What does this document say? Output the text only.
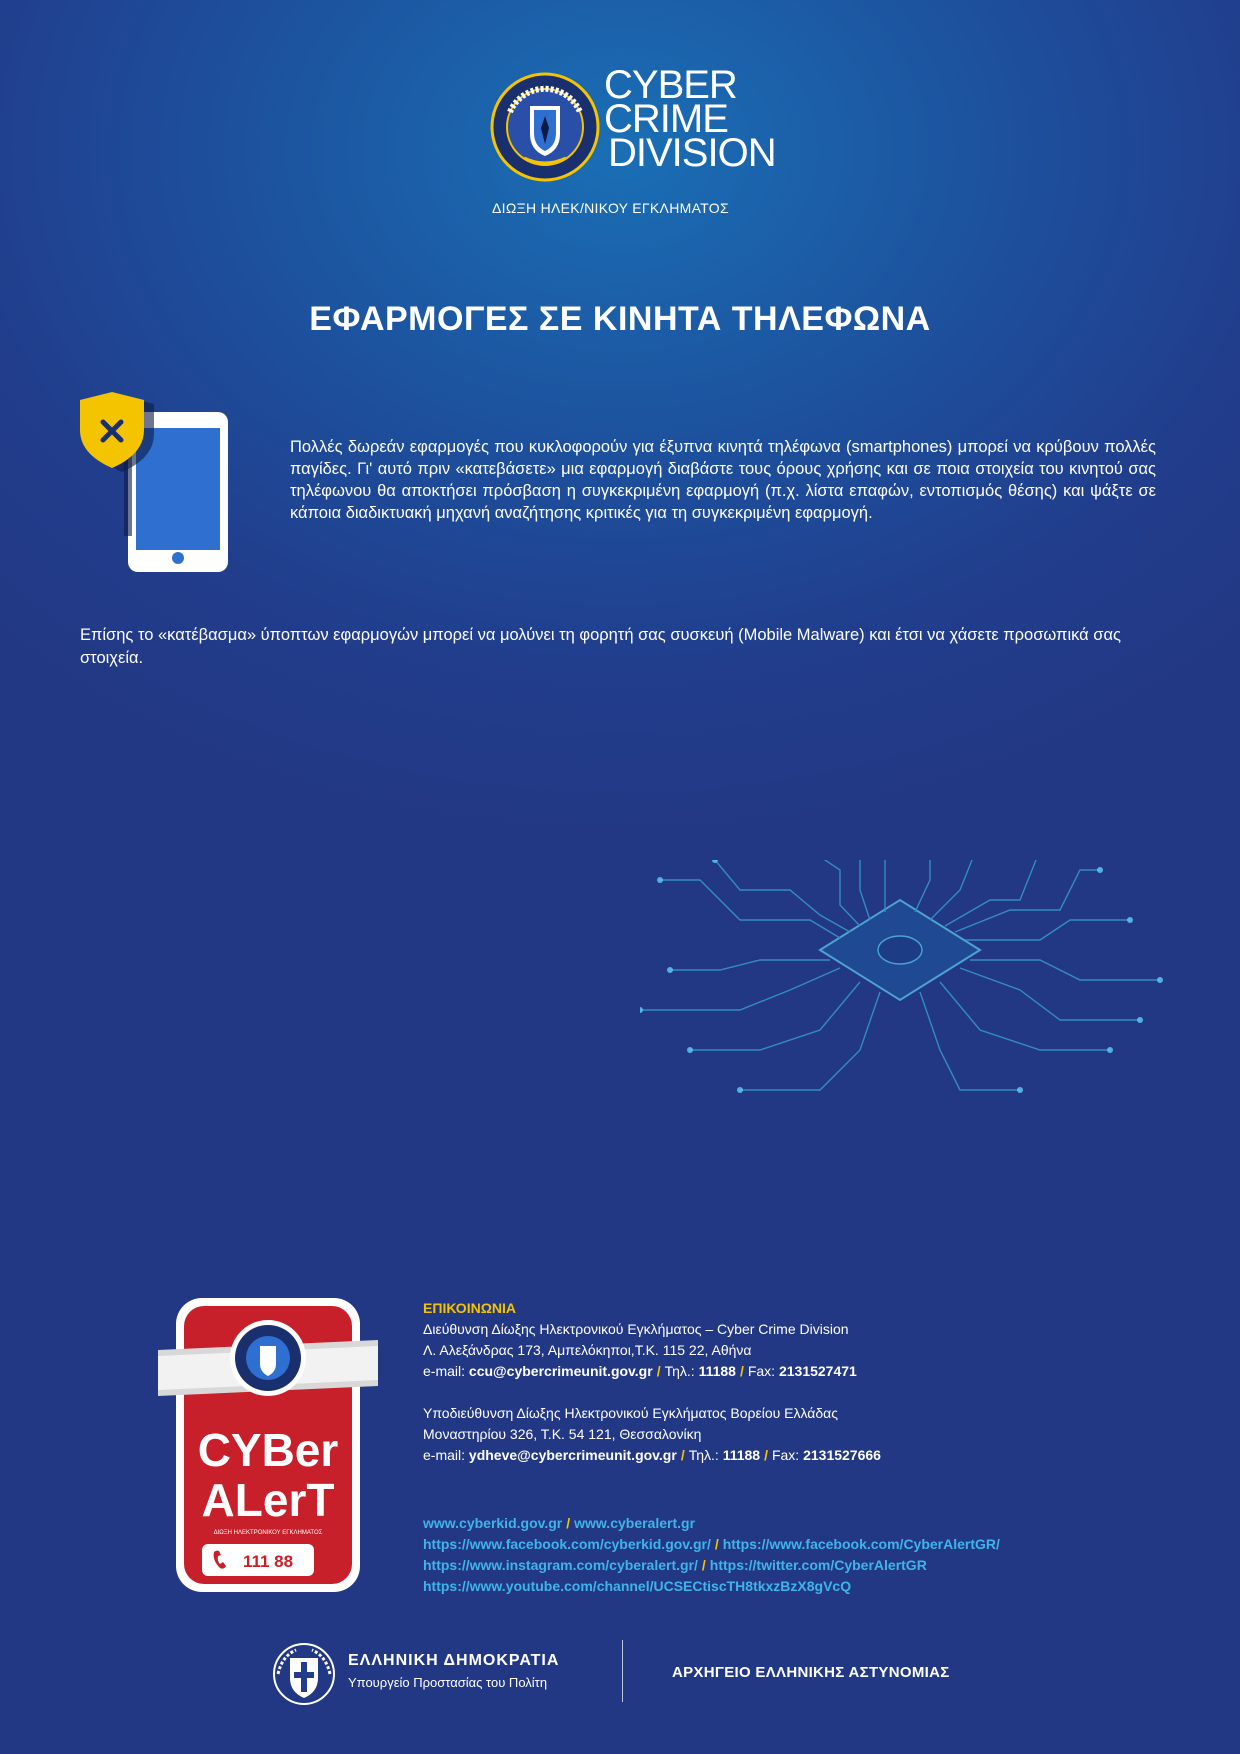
CYBER
CRIME
DIVISION
ΔΙΩΞΗ ΗΛΕΚ/ΝΙΚΟΥ ΕΓΚΛΗΜΑΤΟΣ
ΕΦΑΡΜΟΓΕΣ ΣΕ ΚΙΝΗΤΑ ΤΗΛΕΦΩΝΑ
Πολλές δωρεάν εφαρμογές που κυκλοφορούν για έξυπνα κινητά τηλέφωνα (smartphones) μπορεί να κρύβουν πολλές παγίδες. Γι' αυτό πριν «κατεβάσετε» μια εφαρμογή διαβάστε τους όρους χρήσης και σε ποια στοιχεία του κινητού σας τηλέφωνου θα αποκτήσει πρόσβαση η συγκεκριμένη εφαρμογή (π.χ. λίστα επαφών, εντοπισμός θέσης) και ψάξτε σε κάποια διαδικτυακή μηχανή αναζήτησης κριτικές για τη συγκεκριμένη εφαρμογή.
Επίσης το «κατέβασμα» ύποπτων εφαρμογών μπορεί να μολύνει τη φορητή σας συσκευή (Mobile Malware) και έτσι να χάσετε προσωπικά σας στοιχεία.
CYBer
ALerT
ΔΙΩΞΗ ΗΛΕΚΤΡΟΝΙΚΟΥ ΕΓΚΛΗΜΑΤΟΣ
111 88
ΕΠΙΚΟΙΝΩΝΙΑ
Διεύθυνση Δίωξης Ηλεκτρονικού Εγκλήματος – Cyber Crime Division
Λ. Αλεξάνδρας 173, Αμπελόκηποι,Τ.Κ. 115 22, Αθήνα
e-mail: ccu@cybercrimeunit.gov.gr / Τηλ.: 11188 / Fax: 2131527471
Υποδιεύθυνση Δίωξης Ηλεκτρονικού Εγκλήματος Βορείου Ελλάδας
Μοναστηρίου 326, Τ.Κ. 54 121, Θεσσαλονίκη
e-mail: ydheve@cybercrimeunit.gov.gr / Τηλ.: 11188 / Fax: 2131527666
www.cyberkid.gov.gr / www.cyberalert.gr
https://www.facebook.com/cyberkid.gov.gr/ / https://www.facebook.com/CyberAlertGR/
https://www.instagram.com/cyberalert.gr/ / https://twitter.com/CyberAlertGR
https://www.youtube.com/channel/UCSECtiscTH8tkxzBzX8gVcQ
ΕΛΛΗΝΙΚΗ ΔΗΜΟΚΡΑΤΙΑ
Υπουργείο Προστασίας του Πολίτη
ΑΡΧΗΓΕΙΟ ΕΛΛΗΝΙΚΗΣ ΑΣΤΥΝΟΜΙΑΣ
